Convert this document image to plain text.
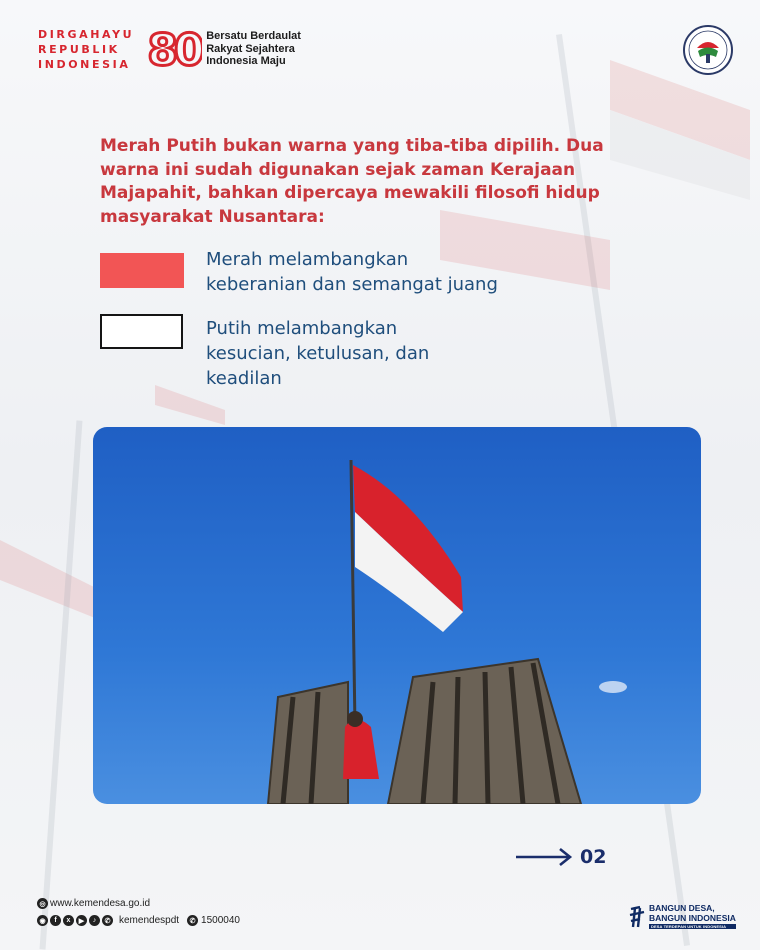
DIRGAHAYU
REPUBLIK
INDONESIA 80 Bersatu Berdaulat
Rakyat Sejahtera
Indonesia Maju
Merah Putih bukan warna yang tiba-tiba dipilih. Dua warna ini sudah digunakan sejak zaman Kerajaan Majapahit, bahkan dipercaya mewakili filosofi hidup masyarakat Nusantara:
Merah melambangkan
keberanian dan semangat juang
Putih melambangkan
kesucian, ketulusan, dan
keadilan
02
◎ www.kemendesa.go.id
◉	f	x	▶	♪	✆ kemendespdt	✆ 1500040
BANGUN DESA,
BANGUN INDONESIA
DESA TERDEPAN UNTUK INDONESIA
